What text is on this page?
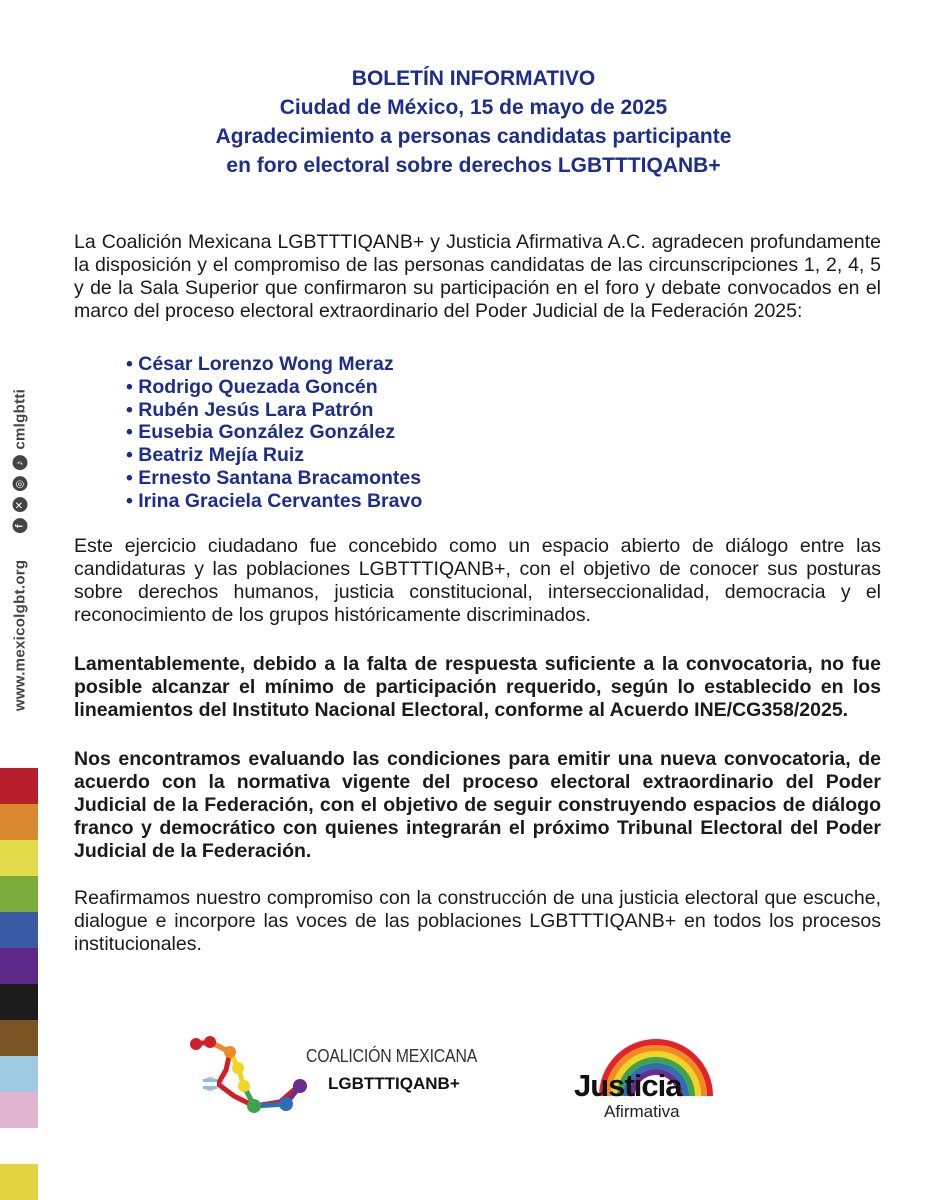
www.mexicolgbt.org
f
✕
◎
♪
cmlgbtti
BOLETÍN INFORMATIVO
Ciudad de México, 15 de mayo de 2025
Agradecimiento a personas candidatas participante
en foro electoral sobre derechos LGBTTTIQANB+

La Coalición Mexicana LGBTTTIQANB+ y Justicia Afirmativa A.C. agradecen profundamente la disposición y el compromiso de las personas candidatas de las circunscripciones 1, 2, 4, 5 y de la Sala Superior que confirmaron su participación en el foro y debate convocados en el marco del proceso electoral extraordinario del Poder Judicial de la Federación 2025:

• César Lorenzo Wong Meraz
• Rodrigo Quezada Goncén
• Rubén Jesús Lara Patrón
• Eusebia González González
• Beatriz Mejía Ruiz
• Ernesto Santana Bracamontes
• Irina Graciela Cervantes Bravo

Este ejercicio ciudadano fue concebido como un espacio abierto de diálogo entre las candidaturas y las poblaciones LGBTTTIQANB+, con el objetivo de conocer sus posturas sobre derechos humanos, justicia constitucional, interseccionalidad, democracia y el reconocimiento de los grupos históricamente discriminados.

Lamentablemente, debido a la falta de respuesta suficiente a la convocatoria, no fue posible alcanzar el mínimo de participación requerido, según lo establecido en los lineamientos del Instituto Nacional Electoral, conforme al Acuerdo INE/CG358/2025.

Nos encontramos evaluando las condiciones para emitir una nueva convocatoria, de acuerdo con la normativa vigente del proceso electoral extraordinario del Poder Judicial de la Federación, con el objetivo de seguir construyendo espacios de diálogo franco y democrático con quienes integrarán el próximo Tribunal Electoral del Poder Judicial de la Federación.

Reafirmamos nuestro compromiso con la construcción de una justicia electoral que escuche, dialogue e incorpore las voces de las poblaciones LGBTTTIQANB+ en todos los procesos institucionales.

COALICIÓN MEXICANA
LGBTTTIQANB+	Justicia
Afirmativa
